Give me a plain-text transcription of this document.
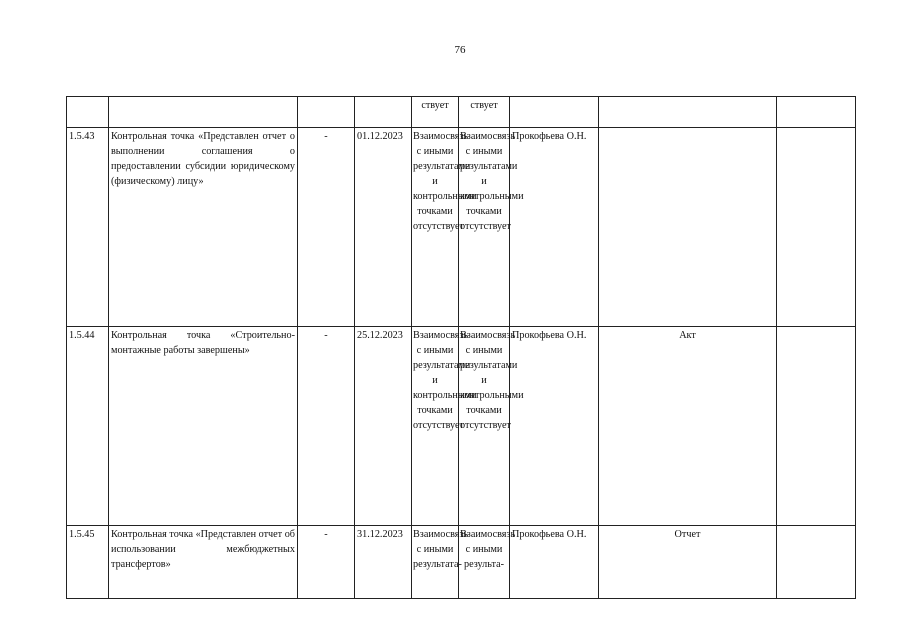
76
				ствует	ствует			
1.5.43	Контрольная точка «Представлен отчет о выполнении соглашения о предоставлении субсидии юридическому (физическому) лицу»	-	01.12.2023	Взаимосвязь с иными результатами и контрольными точками отсутствует	Взаимосвязь с иными результатами и контрольными точками отсутствует	Прокофьева О.Н.		
1.5.44	Контрольная точка «Строительно-монтажные работы завершены»	-	25.12.2023	Взаимосвязь с иными результатами и контрольными точками отсутствует	Взаимосвязь с иными результатами и контрольными точками отсутствует	Прокофьева О.Н.	Акт	
1.5.45	Контрольная точка «Представлен отчет об использовании межбюджетных трансфертов»	-	31.12.2023	Взаимосвязь с иными результата-	Взаимосвязь с иными результа-	Прокофьева О.Н.	Отчет	
